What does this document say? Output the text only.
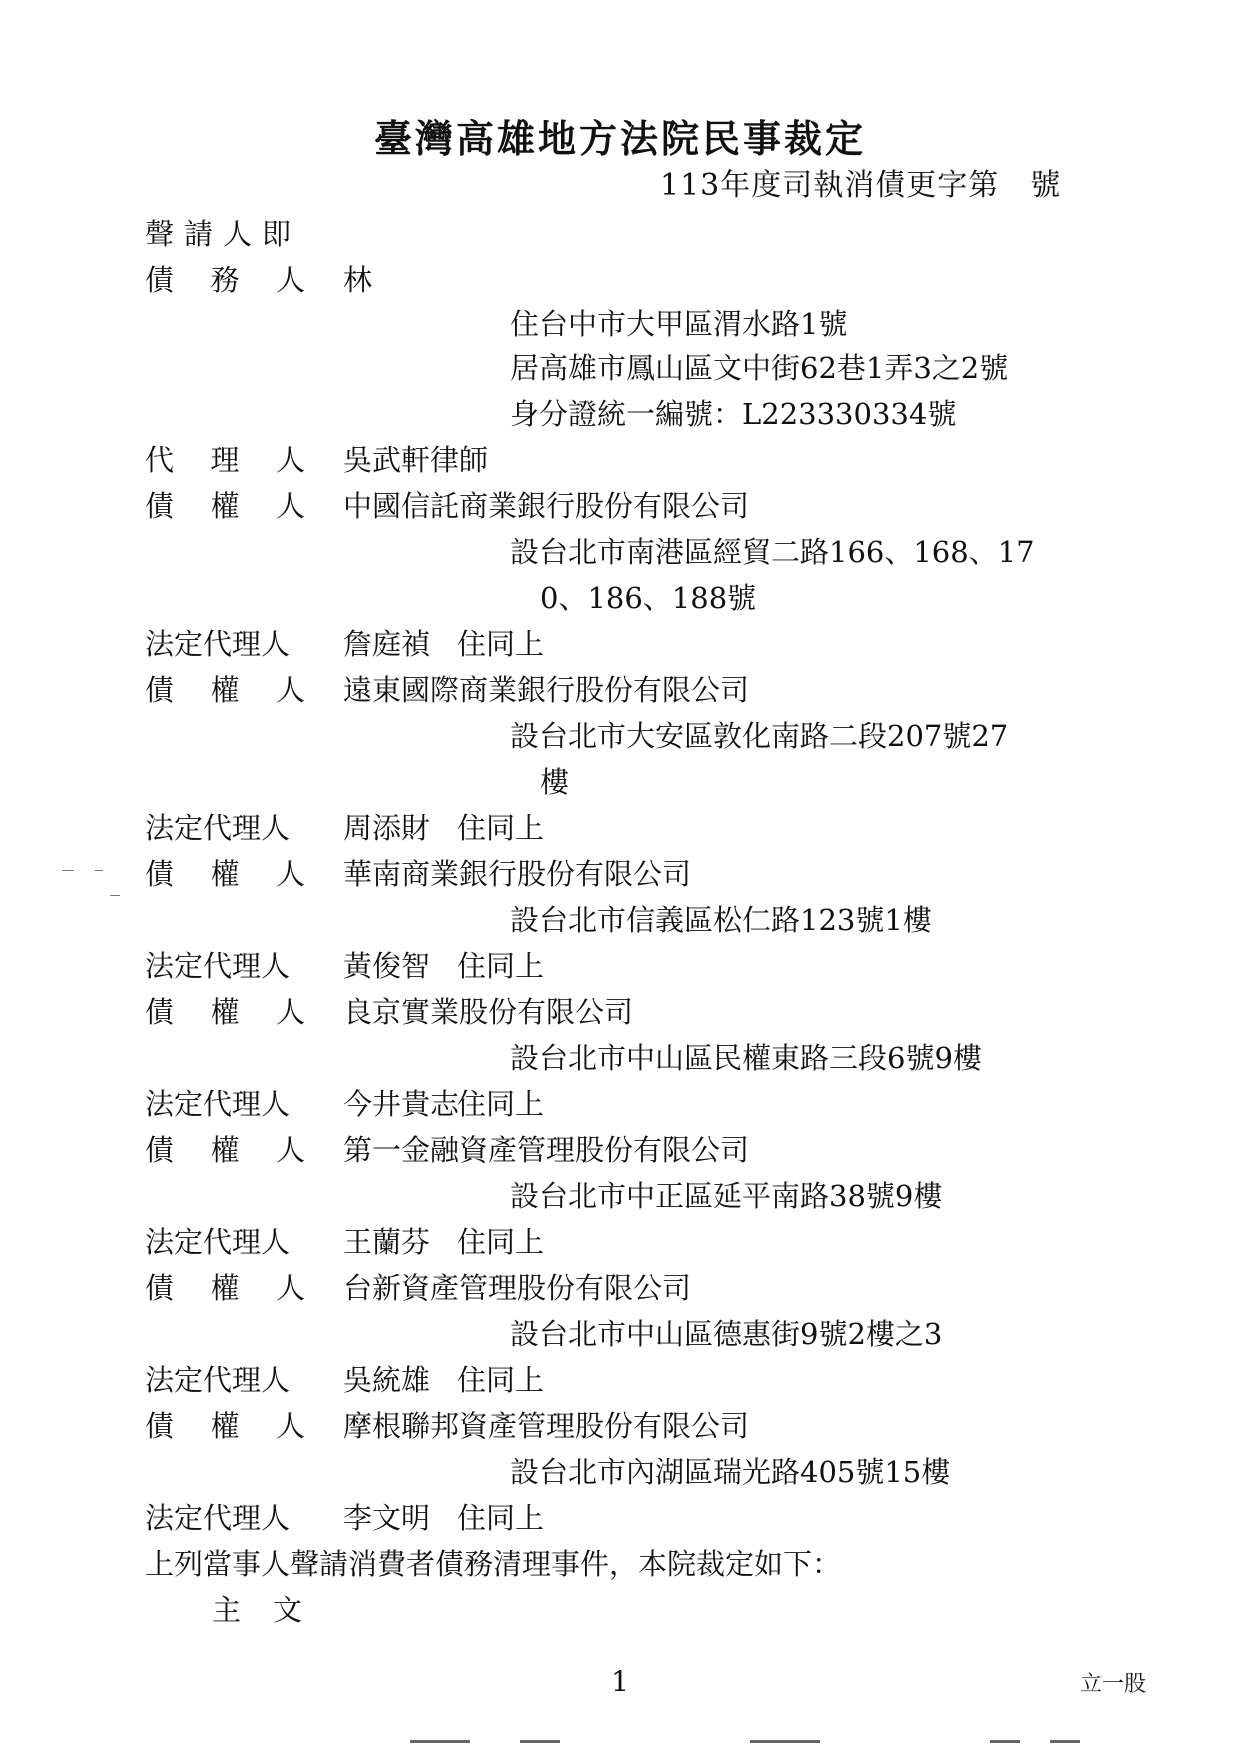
臺灣高雄地方法院民事裁定
113年度司執消債更字第　號
聲請人即
債 務 人 林
住台中市大甲區渭水路1號
居高雄市鳳山區文中街62巷1弄3之2號
身分證統一編號：L223330334號
代 理 人 吳武軒律師
債 權 人 中國信託商業銀行股份有限公司
設台北市南港區經貿二路166、168、17
0、186、188號
法定代理人 詹庭禎 住同上
債 權 人 遠東國際商業銀行股份有限公司
設台北市大安區敦化南路二段207號27
樓
法定代理人 周添財 住同上
債 權 人 華南商業銀行股份有限公司
設台北市信義區松仁路123號1樓
法定代理人 黃俊智 住同上
債 權 人 良京實業股份有限公司
設台北市中山區民權東路三段6號9樓
法定代理人 今井貴志
住同上
債 權 人 第一金融資產管理股份有限公司
設台北市中正區延平南路38號9樓
法定代理人 王蘭芬 住同上
債 權 人 台新資產管理股份有限公司
設台北市中山區德惠街9號2樓之3
法定代理人 吳統雄 住同上
債 權 人 摩根聯邦資產管理股份有限公司
設台北市內湖區瑞光路405號15樓
法定代理人 李文明 住同上
上列當事人聲請消費者債務清理事件，本院裁定如下：
主 文
1	立一股
